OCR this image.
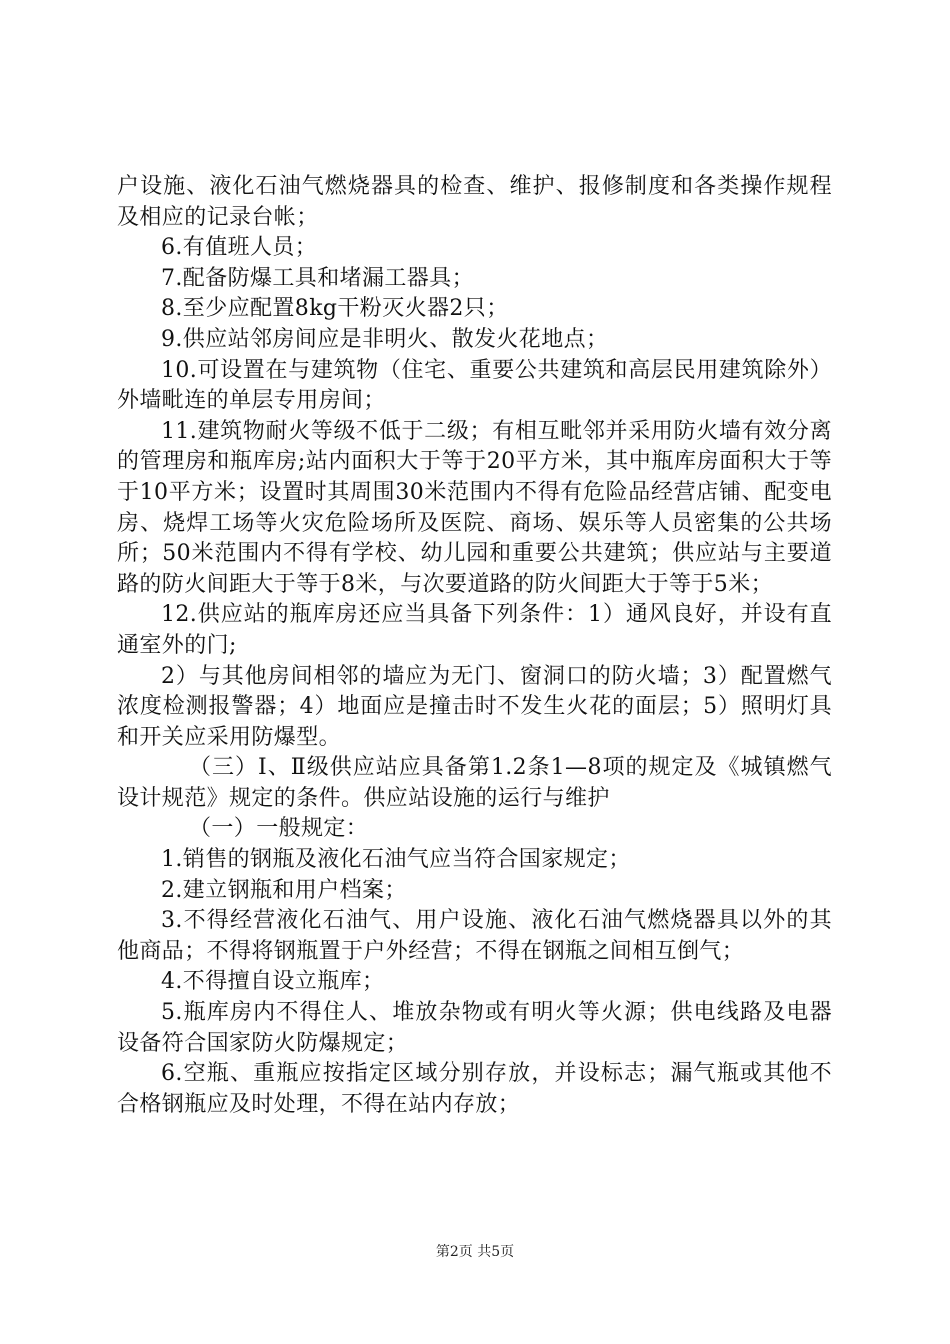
户设施、液化石油气燃烧器具的检查、维护、报修制度和各类操作规程及相应的记录台帐；

6.有值班人员；

7.配备防爆工具和堵漏工器具；

8.至少应配置8kg干粉灭火器2只；

9.供应站邻房间应是非明火、散发火花地点；

10.可设置在与建筑物（住宅、重要公共建筑和高层民用建筑除外）外墙毗连的单层专用房间；

11.建筑物耐火等级不低于二级；有相互毗邻并采用防火墙有效分离的管理房和瓶库房;站内面积大于等于20平方米，其中瓶库房面积大于等于10平方米；设置时其周围30米范围内不得有危险品经营店铺、配变电房、烧焊工场等火灾危险场所及医院、商场、娱乐等人员密集的公共场所；50米范围内不得有学校、幼儿园和重要公共建筑；供应站与主要道路的防火间距大于等于8米，与次要道路的防火间距大于等于5米；

12.供应站的瓶库房还应当具备下列条件：1）通风良好，并设有直通室外的门;

2）与其他房间相邻的墙应为无门、窗洞口的防火墙；3）配置燃气浓度检测报警器；4）地面应是撞击时不发生火花的面层；5）照明灯具和开关应采用防爆型。

（三）Ⅰ、Ⅱ级供应站应具备第1.2条1—8项的规定及《城镇燃气设计规范》规定的条件。供应站设施的运行与维护

（一）一般规定：

1.销售的钢瓶及液化石油气应当符合国家规定；

2.建立钢瓶和用户档案；

3.不得经营液化石油气、用户设施、液化石油气燃烧器具以外的其他商品；不得将钢瓶置于户外经营；不得在钢瓶之间相互倒气；

4.不得擅自设立瓶库；

5.瓶库房内不得住人、堆放杂物或有明火等火源；供电线路及电器设备符合国家防火防爆规定；

6.空瓶、重瓶应按指定区域分别存放，并设标志；漏气瓶或其他不合格钢瓶应及时处理，不得在站内存放；

第2页 共5页
